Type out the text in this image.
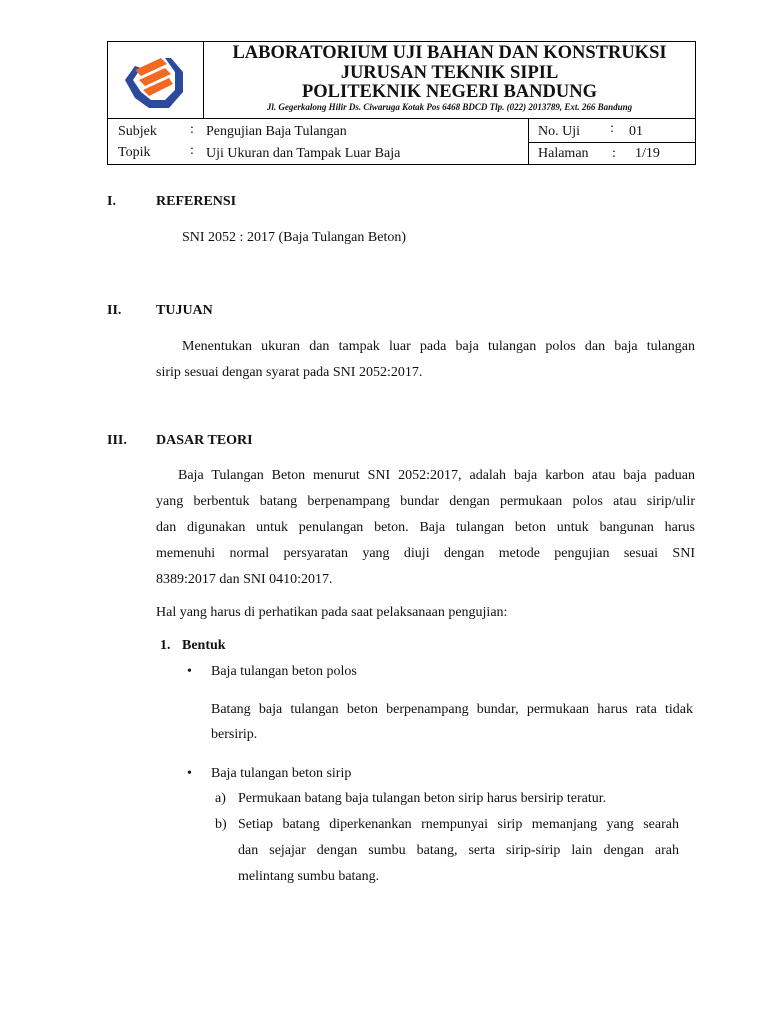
LABORATORIUM UJI BAHAN DAN KONSTRUKSI
JURUSAN TEKNIK SIPIL
POLITEKNIK NEGERI BANDUNG
Jl. Gegerkalong Hilir Ds. Ciwaruga Kotak Pos 6468 BDCD Tlp. (022) 2013789, Ext. 266 Bandung
Subjek : Pengujian Baja Tulangan
Topik	: Uji Ukuran dan Tampak Luar Baja
No. Uji : 01
Halaman : 1/19
I.	REFERENSI
SNI 2052 : 2017 (Baja Tulangan Beton)
II. TUJUAN
Menentukan ukuran dan tampak luar pada baja tulangan polos dan baja tulangan
sirip sesuai dengan syarat pada SNI 2052:2017.
III. DASAR TEORI
Baja Tulangan Beton menurut SNI 2052:2017, adalah baja karbon atau baja paduan
yang berbentuk batang berpenampang bundar dengan permukaan polos atau sirip/ulir
dan digunakan untuk penulangan beton. Baja tulangan beton untuk bangunan harus
memenuhi normal persyaratan yang diuji dengan metode pengujian sesuai SNI
8389:2017 dan SNI 0410:2017.
Hal yang harus di perhatikan pada saat pelaksanaan pengujian:
1. Bentuk
• Baja tulangan beton polos
Batang baja tulangan beton berpenampang bundar, permukaan harus rata tidak
bersirip.
• Baja tulangan beton sirip
a) Permukaan batang baja tulangan beton sirip harus bersirip teratur.
b) Setiap batang diperkenankan rnempunyai sirip memanjang yang searah
dan sejajar dengan sumbu batang, serta sirip-sirip lain dengan arah
melintang sumbu batang.
